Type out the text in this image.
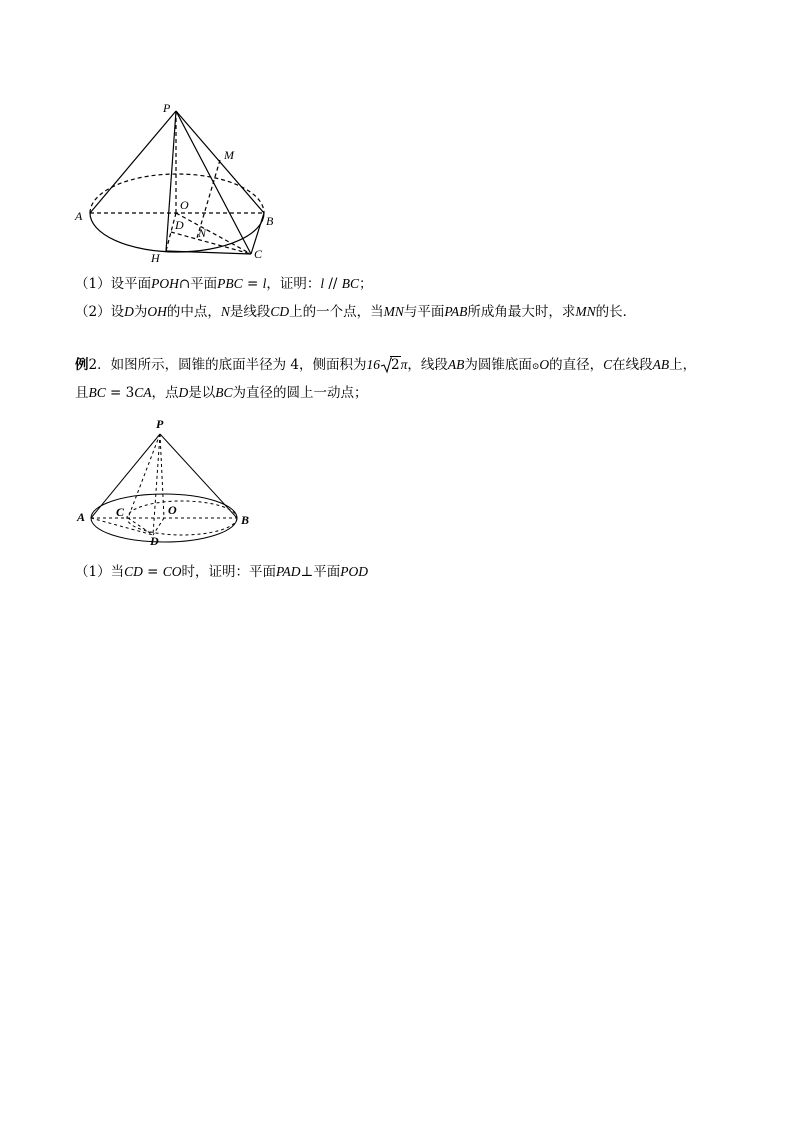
P
M
A	B
O
D
N
H	C
（1）设平面POH∩平面PBC = l，证明：l // BC；
（2）设D为OH的中点，N是线段CD上的一个点，当MN与平面PAB所成角最大时，求MN的长．
例2．如图所示，圆锥的底面半径为 4，侧面积为16 2π，线段AB为圆锥底面⊙O的直径，C在线段AB上，
且BC = 3CA，点D是以BC为直径的圆上一动点；
P
A	C	O
B
D
（1）当CD = CO时，证明：平面PAD⊥平面POD
